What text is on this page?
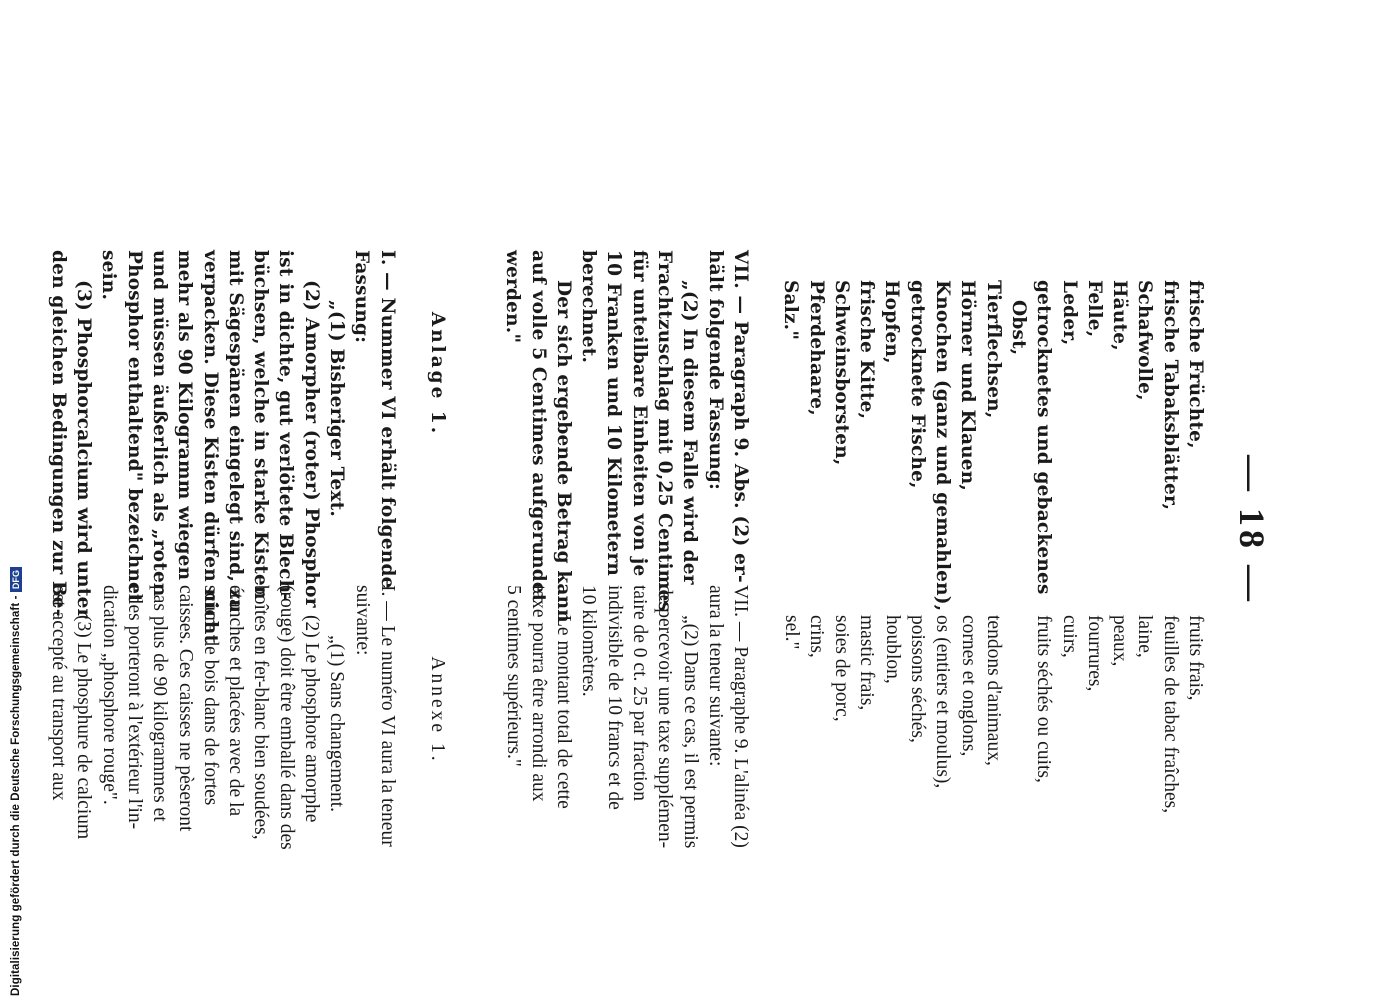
— 18 —
frische Früchte,
frische Tabaksblätter,
Schafwolle,
Häute,
Felle,
Leder,
getrocknetes und gebackenes
Obst,
Tierflechsen,
Hörner und Klauen,
Knochen (ganz und gemahlen),
getrocknete Fische,
Hopfen,
frische Kitte,
Schweinsborsten,
Pferdehaare,
Salz."
VII. — Paragraph 9. Abs. (2) er-
hält folgende Fassung:
„(2) In diesem Falle wird der
Frachtzuschlag mit 0,25 Centimes
für unteilbare Einheiten von je
10 Franken und 10 Kilometern
berechnet.
Der sich ergebende Betrag kann
auf volle 5 Centimes aufgerundet
werden."
Anlage 1.
I. — Nummer VI erhält folgende
Fassung:
„(1) Bisheriger Text.
(2) Amorpher (roter) Phosphor
ist in dichte, gut verlötete Blech-
büchsen, welche in starke Kisten
mit Sägespänen eingelegt sind, zu
verpacken. Diese Kisten dürfen nicht
mehr als 90 Kilogramm wiegen
und müssen äußerlich als „roten
Phosphor enthaltend" bezeichnet
sein.
(3) Phosphorcalcium wird unter
den gleichen Bedingungen zur Be-
fruits frais,
feuilles de tabac fraîches,
laine,
peaux,
fourrures,
cuirs,
fruits séchés ou cuits,
tendons d'animaux,
cornes et onglons,
os (entiers et moulus),
poissons séchés,
houblon,
mastic frais,
soies de porc,
crins,
sel."
VII. — Paragraphe 9. L'alinéa (2)
aura la teneur suivante:
„(2) Dans ce cas, il est permis
de percevoir une taxe supplémen-
taire de 0 ct. 25 par fraction
indivisible de 10 francs et de
10 kilomètres.
Le montant total de cette
taxe pourra être arrondi aux
5 centimes supérieurs."
Annexe 1.
I. — Le numéro VI aura la teneur
suivante:
„(1) Sans changement.
(2) Le phosphore amorphe
(rouge) doit être emballé dans des
boîtes en fer-blanc bien soudées,
étanches et placées avec de la
sciure de bois dans de fortes
caisses. Ces caisses ne pèseront
pas plus de 90 kilogrammes et
elles porteront à l'extérieur l'in-
dication „phosphore rouge".
(3) Le phosphure de calcium
est accepté au transport aux
Digitalisierung gefördert durch die Deutsche Forschungsgemeinschaft - DFG
